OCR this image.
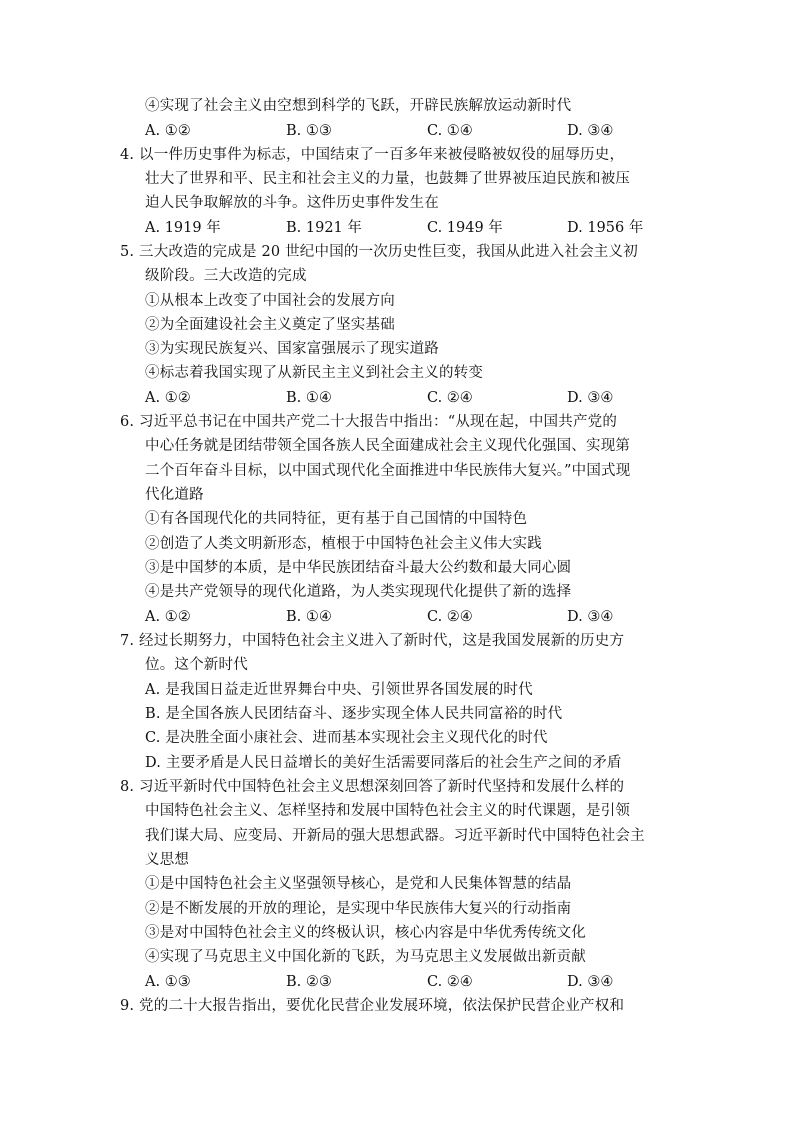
④实现了社会主义由空想到科学的飞跃，开辟民族解放运动新时代
A. ①②	B. ①③	C. ①④	D. ③④
4. 以一件历史事件为标志，中国结束了一百多年来被侵略被奴役的屈辱历史，
壮大了世界和平、民主和社会主义的力量，也鼓舞了世界被压迫民族和被压
迫人民争取解放的斗争。这件历史事件发生在
A. 1919 年	B. 1921 年	C. 1949 年	D. 1956 年
5. 三大改造的完成是 20 世纪中国的一次历史性巨变，我国从此进入社会主义初
级阶段。三大改造的完成
①从根本上改变了中国社会的发展方向
②为全面建设社会主义奠定了坚实基础
③为实现民族复兴、国家富强展示了现实道路
④标志着我国实现了从新民主主义到社会主义的转变
A. ①②	B. ①④	C. ②④	D. ③④
6. 习近平总书记在中国共产党二十大报告中指出：“从现在起，中国共产党的
中心任务就是团结带领全国各族人民全面建成社会主义现代化强国、实现第
二个百年奋斗目标，以中国式现代化全面推进中华民族伟大复兴。”中国式现
代化道路
①有各国现代化的共同特征，更有基于自己国情的中国特色
②创造了人类文明新形态，植根于中国特色社会主义伟大实践
③是中国梦的本质，是中华民族团结奋斗最大公约数和最大同心圆
④是共产党领导的现代化道路，为人类实现现代化提供了新的选择
A. ①②	B. ①④	C. ②④	D. ③④
7. 经过长期努力，中国特色社会主义进入了新时代，这是我国发展新的历史方
位。这个新时代
A. 是我国日益走近世界舞台中央、引领世界各国发展的时代
B. 是全国各族人民团结奋斗、逐步实现全体人民共同富裕的时代
C. 是决胜全面小康社会、进而基本实现社会主义现代化的时代
D. 主要矛盾是人民日益增长的美好生活需要同落后的社会生产之间的矛盾
8. 习近平新时代中国特色社会主义思想深刻回答了新时代坚持和发展什么样的
中国特色社会主义、怎样坚持和发展中国特色社会主义的时代课题，是引领
我们谋大局、应变局、开新局的强大思想武器。习近平新时代中国特色社会主
义思想
①是中国特色社会主义坚强领导核心，是党和人民集体智慧的结晶
②是不断发展的开放的理论，是实现中华民族伟大复兴的行动指南
③是对中国特色社会主义的终极认识，核心内容是中华优秀传统文化
④实现了马克思主义中国化新的飞跃，为马克思主义发展做出新贡献
A. ①③	B. ②③	C. ②④	D. ③④
9. 党的二十大报告指出，要优化民营企业发展环境，依法保护民营企业产权和
